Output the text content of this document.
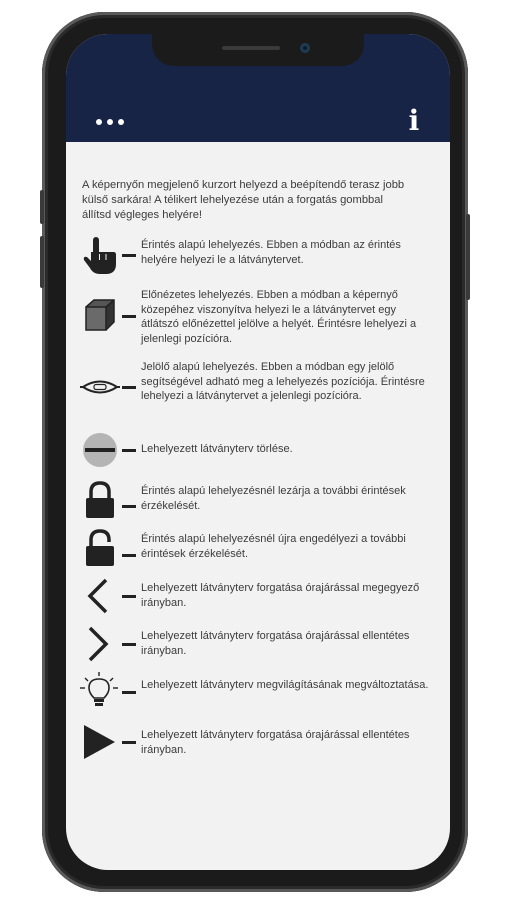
i
A képernyőn megjelenő kurzort helyezd a beépítendő terasz jobb külső sarkára! A télikert lehelyezése után a forgatás gombbal állítsd végleges helyére!
Érintés alapú lehelyezés. Ebben a módban az érintés helyére helyezi le a látványtervet.
Előnézetes lehelyezés. Ebben a módban a képernyő közepéhez viszonyítva helyezi le a látványtervet egy átlátszó előnézettel jelölve a helyét. Érintésre lehelyezi a jelenlegi pozícióra.
Jelölő alapú lehelyezés. Ebben a módban egy jelölő segítségével adható meg a lehelyezés pozíciója. Érintésre lehelyezi a látványtervet a jelenlegi pozícióra.
Lehelyezett látványterv törlése.
Érintés alapú lehelyezésnél lezárja a további érintések érzékelését.
Érintés alapú lehelyezésnél újra engedélyezi a további érintések érzékelését.
Lehelyezett látványterv forgatása órajárással megegyező irányban.
Lehelyezett látványterv forgatása órajárással ellentétes irányban.
Lehelyezett látványterv megvilágításának megváltoztatása.
Lehelyezett látványterv forgatása órajárással ellentétes irányban.
